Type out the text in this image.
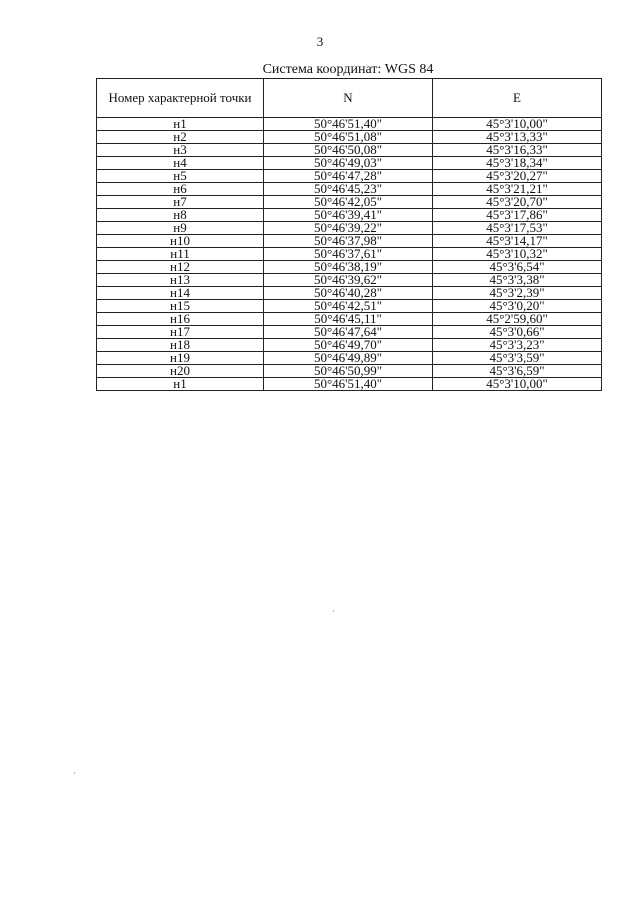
3
Система координат: WGS 84
Номер характерной точки	N	E
н1	50°46'51,40"	45°3'10,00"
н2	50°46'51,08"	45°3'13,33"
н3	50°46'50,08"	45°3'16,33"
н4	50°46'49,03"	45°3'18,34"
н5	50°46'47,28"	45°3'20,27"
н6	50°46'45,23"	45°3'21,21"
н7	50°46'42,05"	45°3'20,70"
н8	50°46'39,41"	45°3'17,86"
н9	50°46'39,22"	45°3'17,53"
н10	50°46'37,98"	45°3'14,17"
н11	50°46'37,61"	45°3'10,32"
н12	50°46'38,19"	45°3'6,54"
н13	50°46'39,62"	45°3'3,38"
н14	50°46'40,28"	45°3'2,39"
н15	50°46'42,51"	45°3'0,20"
н16	50°46'45,11"	45°2'59,60"
н17	50°46'47,64"	45°3'0,66"
н18	50°46'49,70"	45°3'3,23"
н19	50°46'49,89"	45°3'3,59"
н20	50°46'50,99"	45°3'6,59"
н1	50°46'51,40"	45°3'10,00"
